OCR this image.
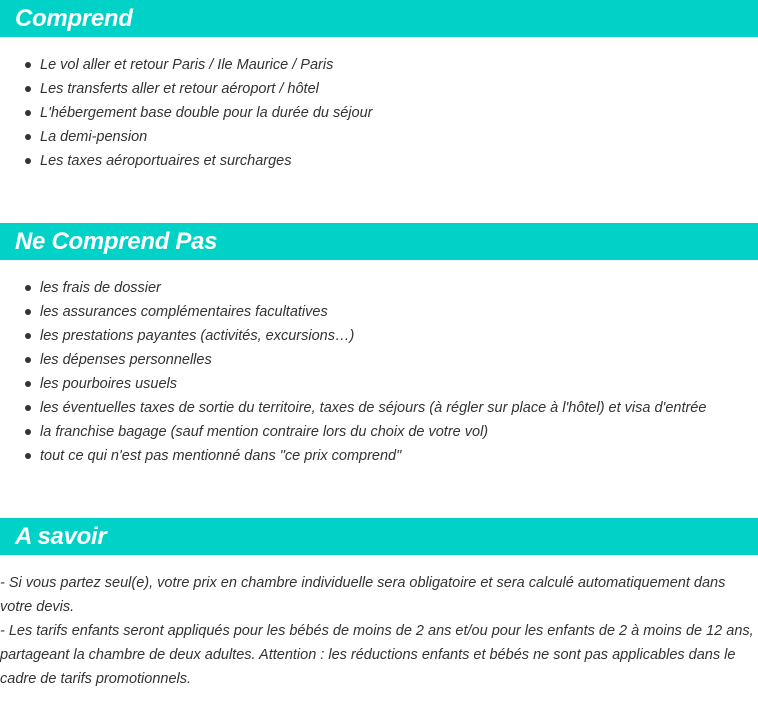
Comprend
Le vol aller et retour Paris / Ile Maurice / Paris
Les transferts aller et retour aéroport / hôtel
L'hébergement base double pour la durée du séjour
La demi-pension
Les taxes aéroportuaires et surcharges
Ne Comprend Pas
les frais de dossier
les assurances complémentaires facultatives
les prestations payantes (activités, excursions…)
les dépenses personnelles
les pourboires usuels
les éventuelles taxes de sortie du territoire, taxes de séjours (à régler sur place à l'hôtel) et visa d'entrée
la franchise bagage (sauf mention contraire lors du choix de votre vol)
tout ce qui n'est pas mentionné dans "ce prix comprend"
A savoir

- Si vous partez seul(e), votre prix en chambre individuelle sera obligatoire et sera calculé automatiquement dans votre devis.

- Les tarifs enfants seront appliqués pour les bébés de moins de 2 ans et/ou pour les enfants de 2 à moins de 12 ans, partageant la chambre de deux adultes. Attention : les réductions enfants et bébés ne sont pas applicables dans le cadre de tarifs promotionnels.
